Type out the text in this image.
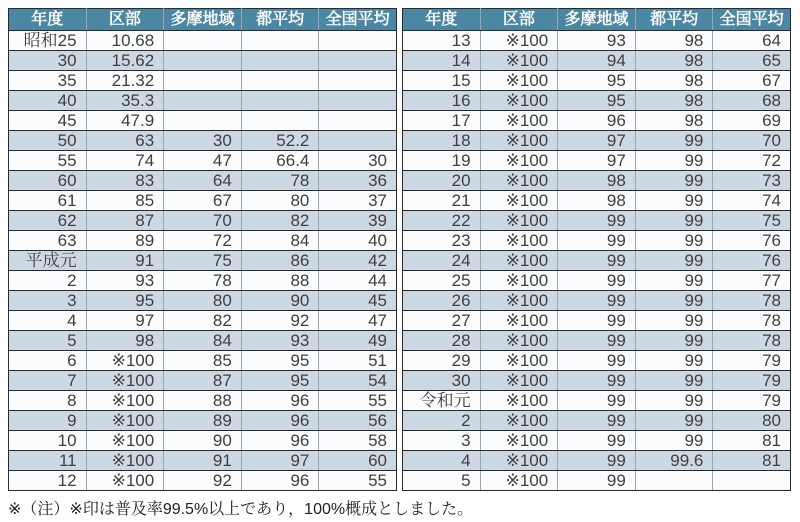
年度	区部	多摩地域	都平均	全国平均
昭和25	10.68			
30	15.62			
35	21.32			
40	35.3			
45	47.9			
50	63	30	52.2	
55	74	47	66.4	30
60	83	64	78	36
61	85	67	80	37
62	87	70	82	39
63	89	72	84	40
平成元	91	75	86	42
2	93	78	88	44
3	95	80	90	45
4	97	82	92	47
5	98	84	93	49
6	※100	85	95	51
7	※100	87	95	54
8	※100	88	96	55
9	※100	89	96	56
10	※100	90	96	58
11	※100	91	97	60
12	※100	92	96	55
年度	区部	多摩地域	都平均	全国平均
13	※100	93	98	64
14	※100	94	98	65
15	※100	95	98	67
16	※100	95	98	68
17	※100	96	98	69
18	※100	97	99	70
19	※100	97	99	72
20	※100	98	99	73
21	※100	98	99	74
22	※100	99	99	75
23	※100	99	99	76
24	※100	99	99	76
25	※100	99	99	77
26	※100	99	99	78
27	※100	99	99	78
28	※100	99	99	78
29	※100	99	99	79
30	※100	99	99	79
令和元	※100	99	99	79
2	※100	99	99	80
3	※100	99	99	81
4	※100	99	99.6	81
5	※100	99		
※（注）※印は普及率99.5%以上であり，100%概成としました。
